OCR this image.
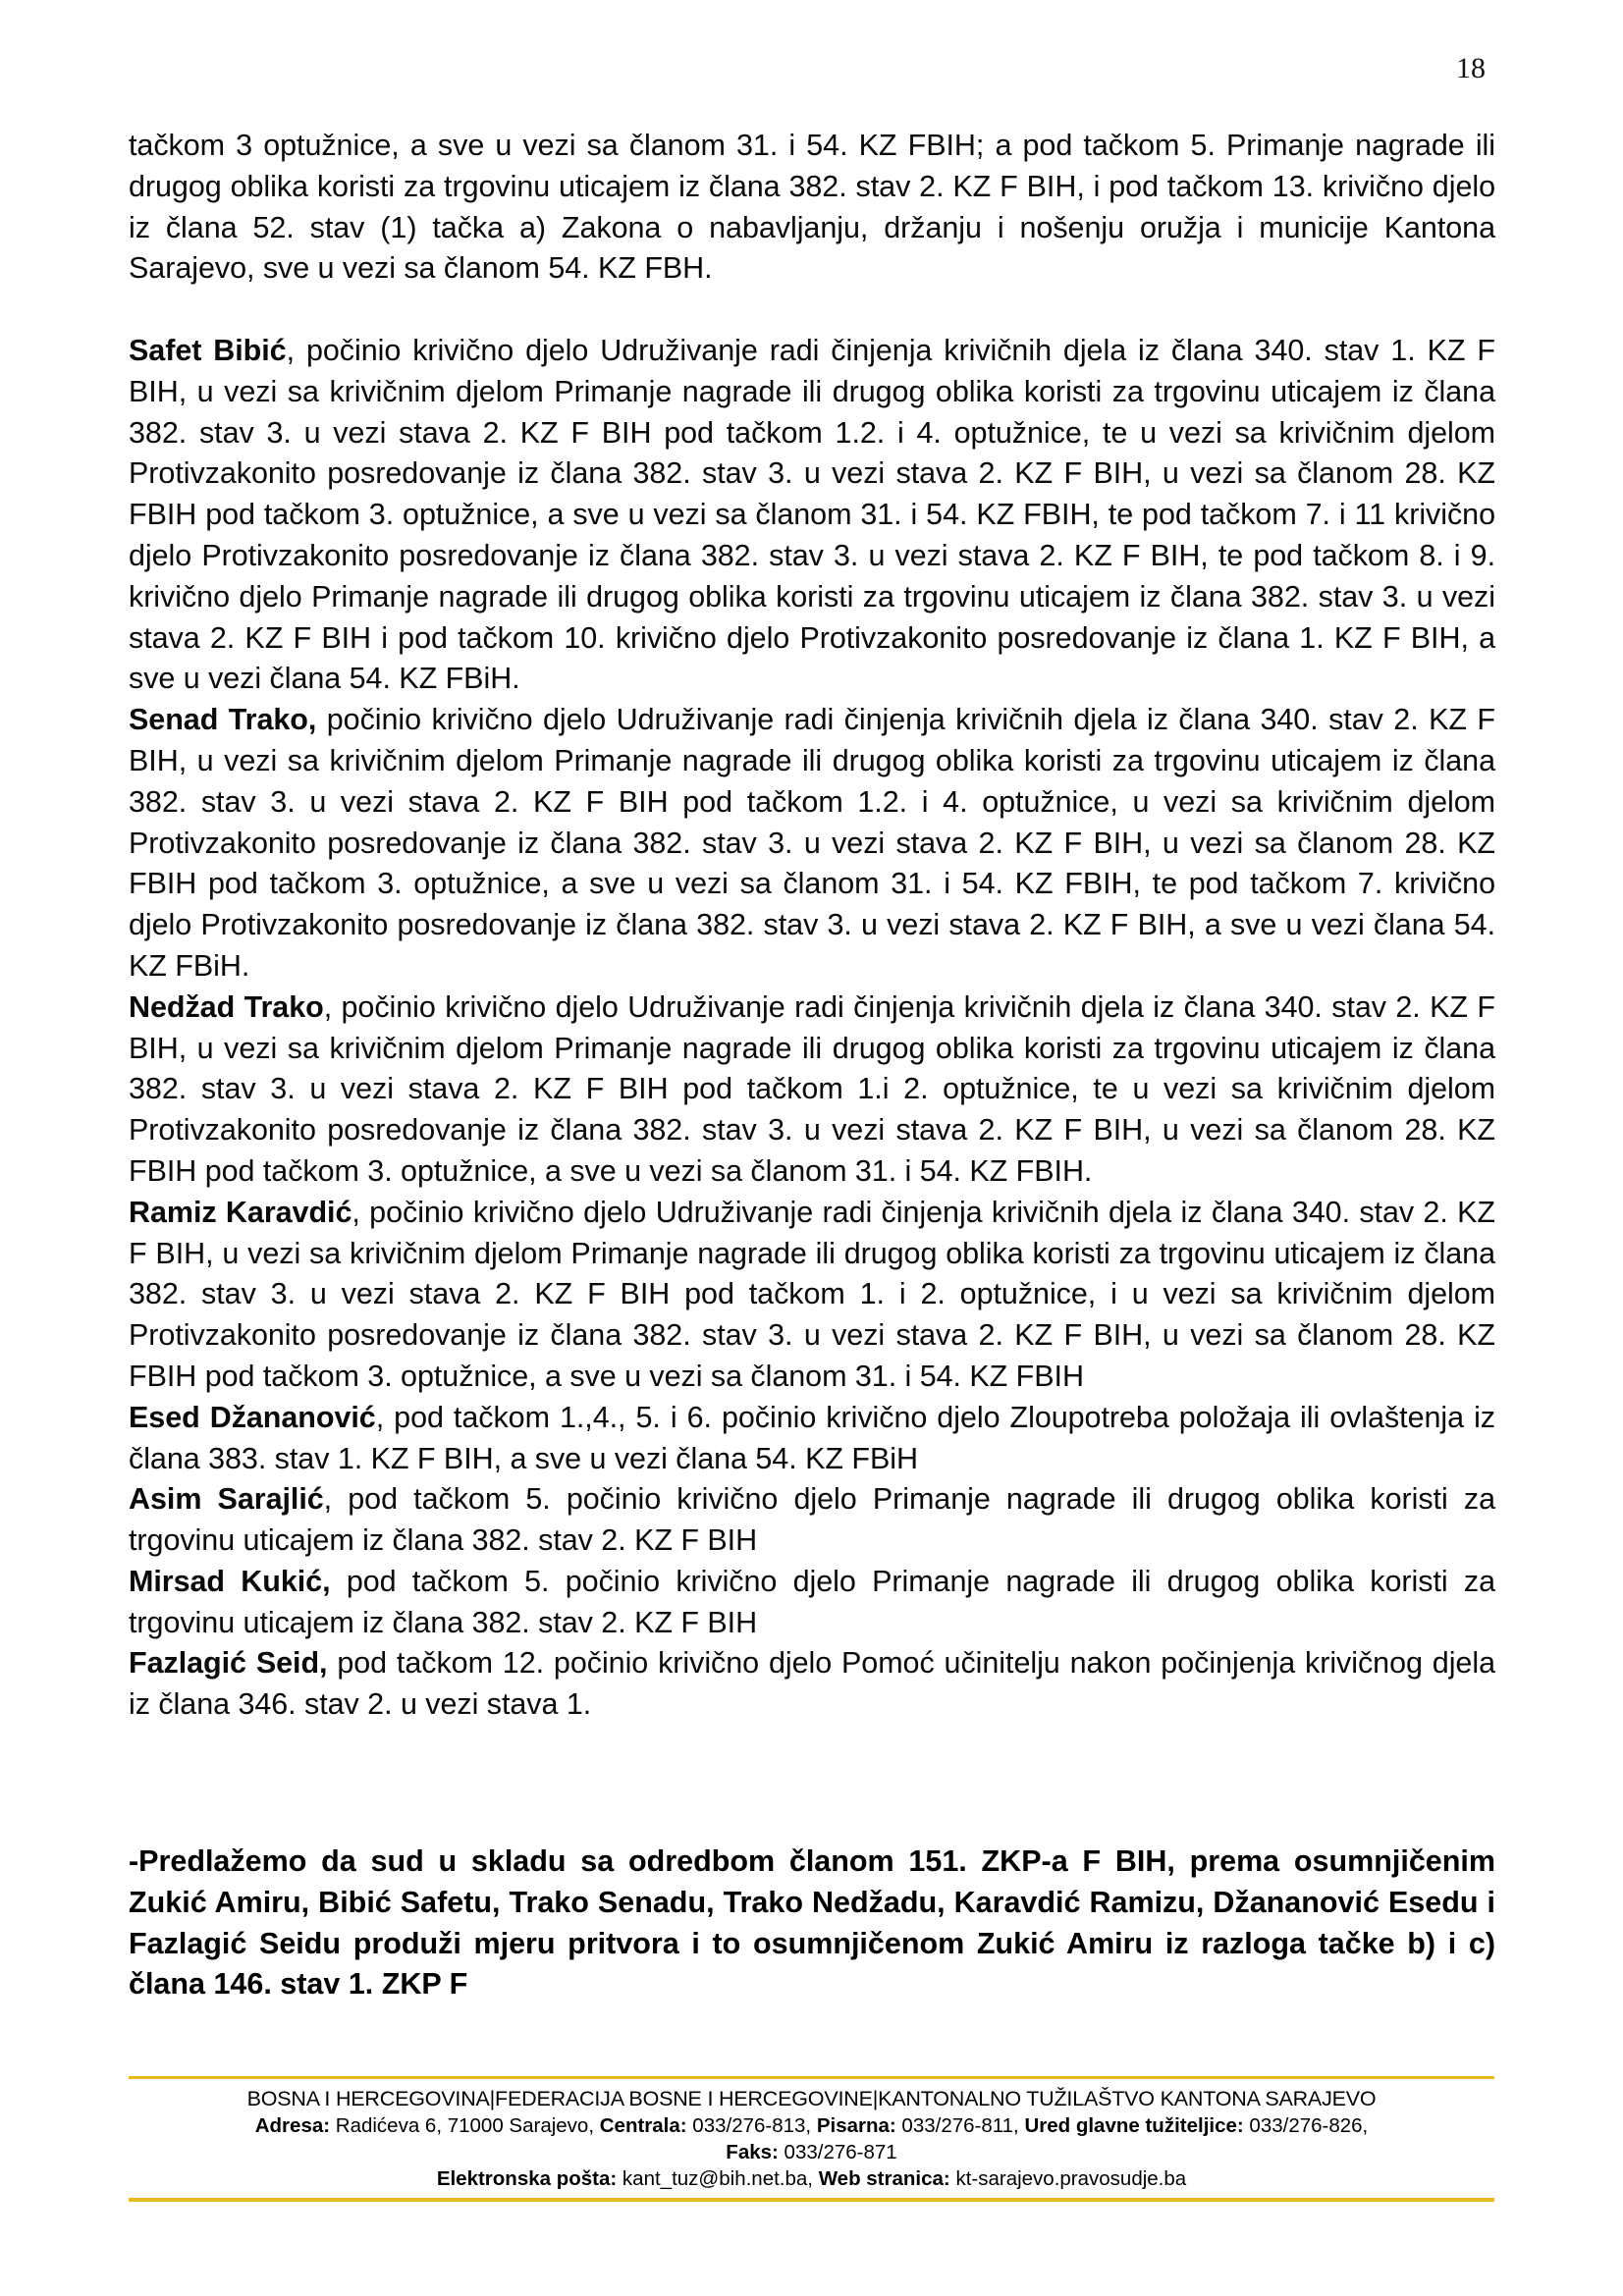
18

tačkom 3 optužnice, a sve u vezi sa članom 31. i 54. KZ FBIH; a pod tačkom 5. Primanje nagrade ili drugog oblika koristi za trgovinu uticajem iz člana 382. stav 2. KZ F BIH, i pod tačkom 13. krivično djelo iz člana 52. stav (1) tačka a) Zakona o nabavljanju, držanju i nošenju oružja i municije Kantona Sarajevo, sve u vezi sa članom 54. KZ FBH.

Safet Bibić, počinio krivično djelo Udruživanje radi činjenja krivičnih djela iz člana 340. stav 1. KZ F BIH, u vezi sa krivičnim djelom Primanje nagrade ili drugog oblika koristi za trgovinu uticajem iz člana 382. stav 3. u vezi stava 2. KZ F BIH pod tačkom 1.2. i 4. optužnice, te u vezi sa krivičnim djelom Protivzakonito posredovanje iz člana 382. stav 3. u vezi stava 2. KZ F BIH, u vezi sa članom 28. KZ FBIH pod tačkom 3. optužnice, a sve u vezi sa članom 31. i 54. KZ FBIH, te pod tačkom 7. i 11 krivično djelo Protivzakonito posredovanje iz člana 382. stav 3. u vezi stava 2. KZ F BIH, te pod tačkom 8. i 9. krivično djelo Primanje nagrade ili drugog oblika koristi za trgovinu uticajem iz člana 382. stav 3. u vezi stava 2. KZ F BIH i pod tačkom 10. krivično djelo Protivzakonito posredovanje iz člana 1. KZ F BIH, a sve u vezi člana 54. KZ FBiH.

Senad Trako, počinio krivično djelo Udruživanje radi činjenja krivičnih djela iz člana 340. stav 2. KZ F BIH, u vezi sa krivičnim djelom Primanje nagrade ili drugog oblika koristi za trgovinu uticajem iz člana 382. stav 3. u vezi stava 2. KZ F BIH pod tačkom 1.2. i 4. optužnice, u vezi sa krivičnim djelom Protivzakonito posredovanje iz člana 382. stav 3. u vezi stava 2. KZ F BIH, u vezi sa članom 28. KZ FBIH pod tačkom 3. optužnice, a sve u vezi sa članom 31. i 54. KZ FBIH, te pod tačkom 7. krivično djelo Protivzakonito posredovanje iz člana 382. stav 3. u vezi stava 2. KZ F BIH, a sve u vezi člana 54. KZ FBiH.

Nedžad Trako, počinio krivično djelo Udruživanje radi činjenja krivičnih djela iz člana 340. stav 2. KZ F BIH, u vezi sa krivičnim djelom Primanje nagrade ili drugog oblika koristi za trgovinu uticajem iz člana 382. stav 3. u vezi stava 2. KZ F BIH pod tačkom 1.i 2. optužnice, te u vezi sa krivičnim djelom Protivzakonito posredovanje iz člana 382. stav 3. u vezi stava 2. KZ F BIH, u vezi sa članom 28. KZ FBIH pod tačkom 3. optužnice, a sve u vezi sa članom 31. i 54. KZ FBIH.

Ramiz Karavdić, počinio krivično djelo Udruživanje radi činjenja krivičnih djela iz člana 340. stav 2. KZ F BIH, u vezi sa krivičnim djelom Primanje nagrade ili drugog oblika koristi za trgovinu uticajem iz člana 382. stav 3. u vezi stava 2. KZ F BIH pod tačkom 1. i 2. optužnice, i u vezi sa krivičnim djelom Protivzakonito posredovanje iz člana 382. stav 3. u vezi stava 2. KZ F BIH, u vezi sa članom 28. KZ FBIH pod tačkom 3. optužnice, a sve u vezi sa članom 31. i 54. KZ FBIH

Esed Džananović, pod tačkom 1.,4., 5. i 6. počinio krivično djelo Zloupotreba položaja ili ovlaštenja iz člana 383. stav 1. KZ F BIH, a sve u vezi člana 54. KZ FBiH

Asim Sarajlić, pod tačkom 5. počinio krivično djelo Primanje nagrade ili drugog oblika koristi za trgovinu uticajem iz člana 382. stav 2. KZ F BIH

Mirsad Kukić, pod tačkom 5. počinio krivično djelo Primanje nagrade ili drugog oblika koristi za trgovinu uticajem iz člana 382. stav 2. KZ F BIH

Fazlagić Seid, pod tačkom 12. počinio krivično djelo Pomoć učinitelju nakon počinjenja krivičnog djela iz člana 346. stav 2. u vezi stava 1.

-Predlažemo da sud u skladu sa odredbom članom 151. ZKP-a F BIH, prema osumnjičenim Zukić Amiru, Bibić Safetu, Trako Senadu, Trako Nedžadu, Karavdić Ramizu, Džananović Esedu i Fazlagić Seidu produži mjeru pritvora i to osumnjičenom Zukić Amiru iz razloga tačke b) i c) člana 146. stav 1. ZKP F

BOSNA I HERCEGOVINA|FEDERACIJA BOSNE I HERCEGOVINE|KANTONALNO TUŽILAŠTVO KANTONA SARAJEVO
Adresa: Radićeva 6, 71000 Sarajevo, Centrala: 033/276-813, Pisarna: 033/276-811, Ured glavne tužiteljice: 033/276-826,
Faks: 033/276-871
Elektronska pošta: kant_tuz@bih.net.ba, Web stranica: kt-sarajevo.pravosudje.ba
